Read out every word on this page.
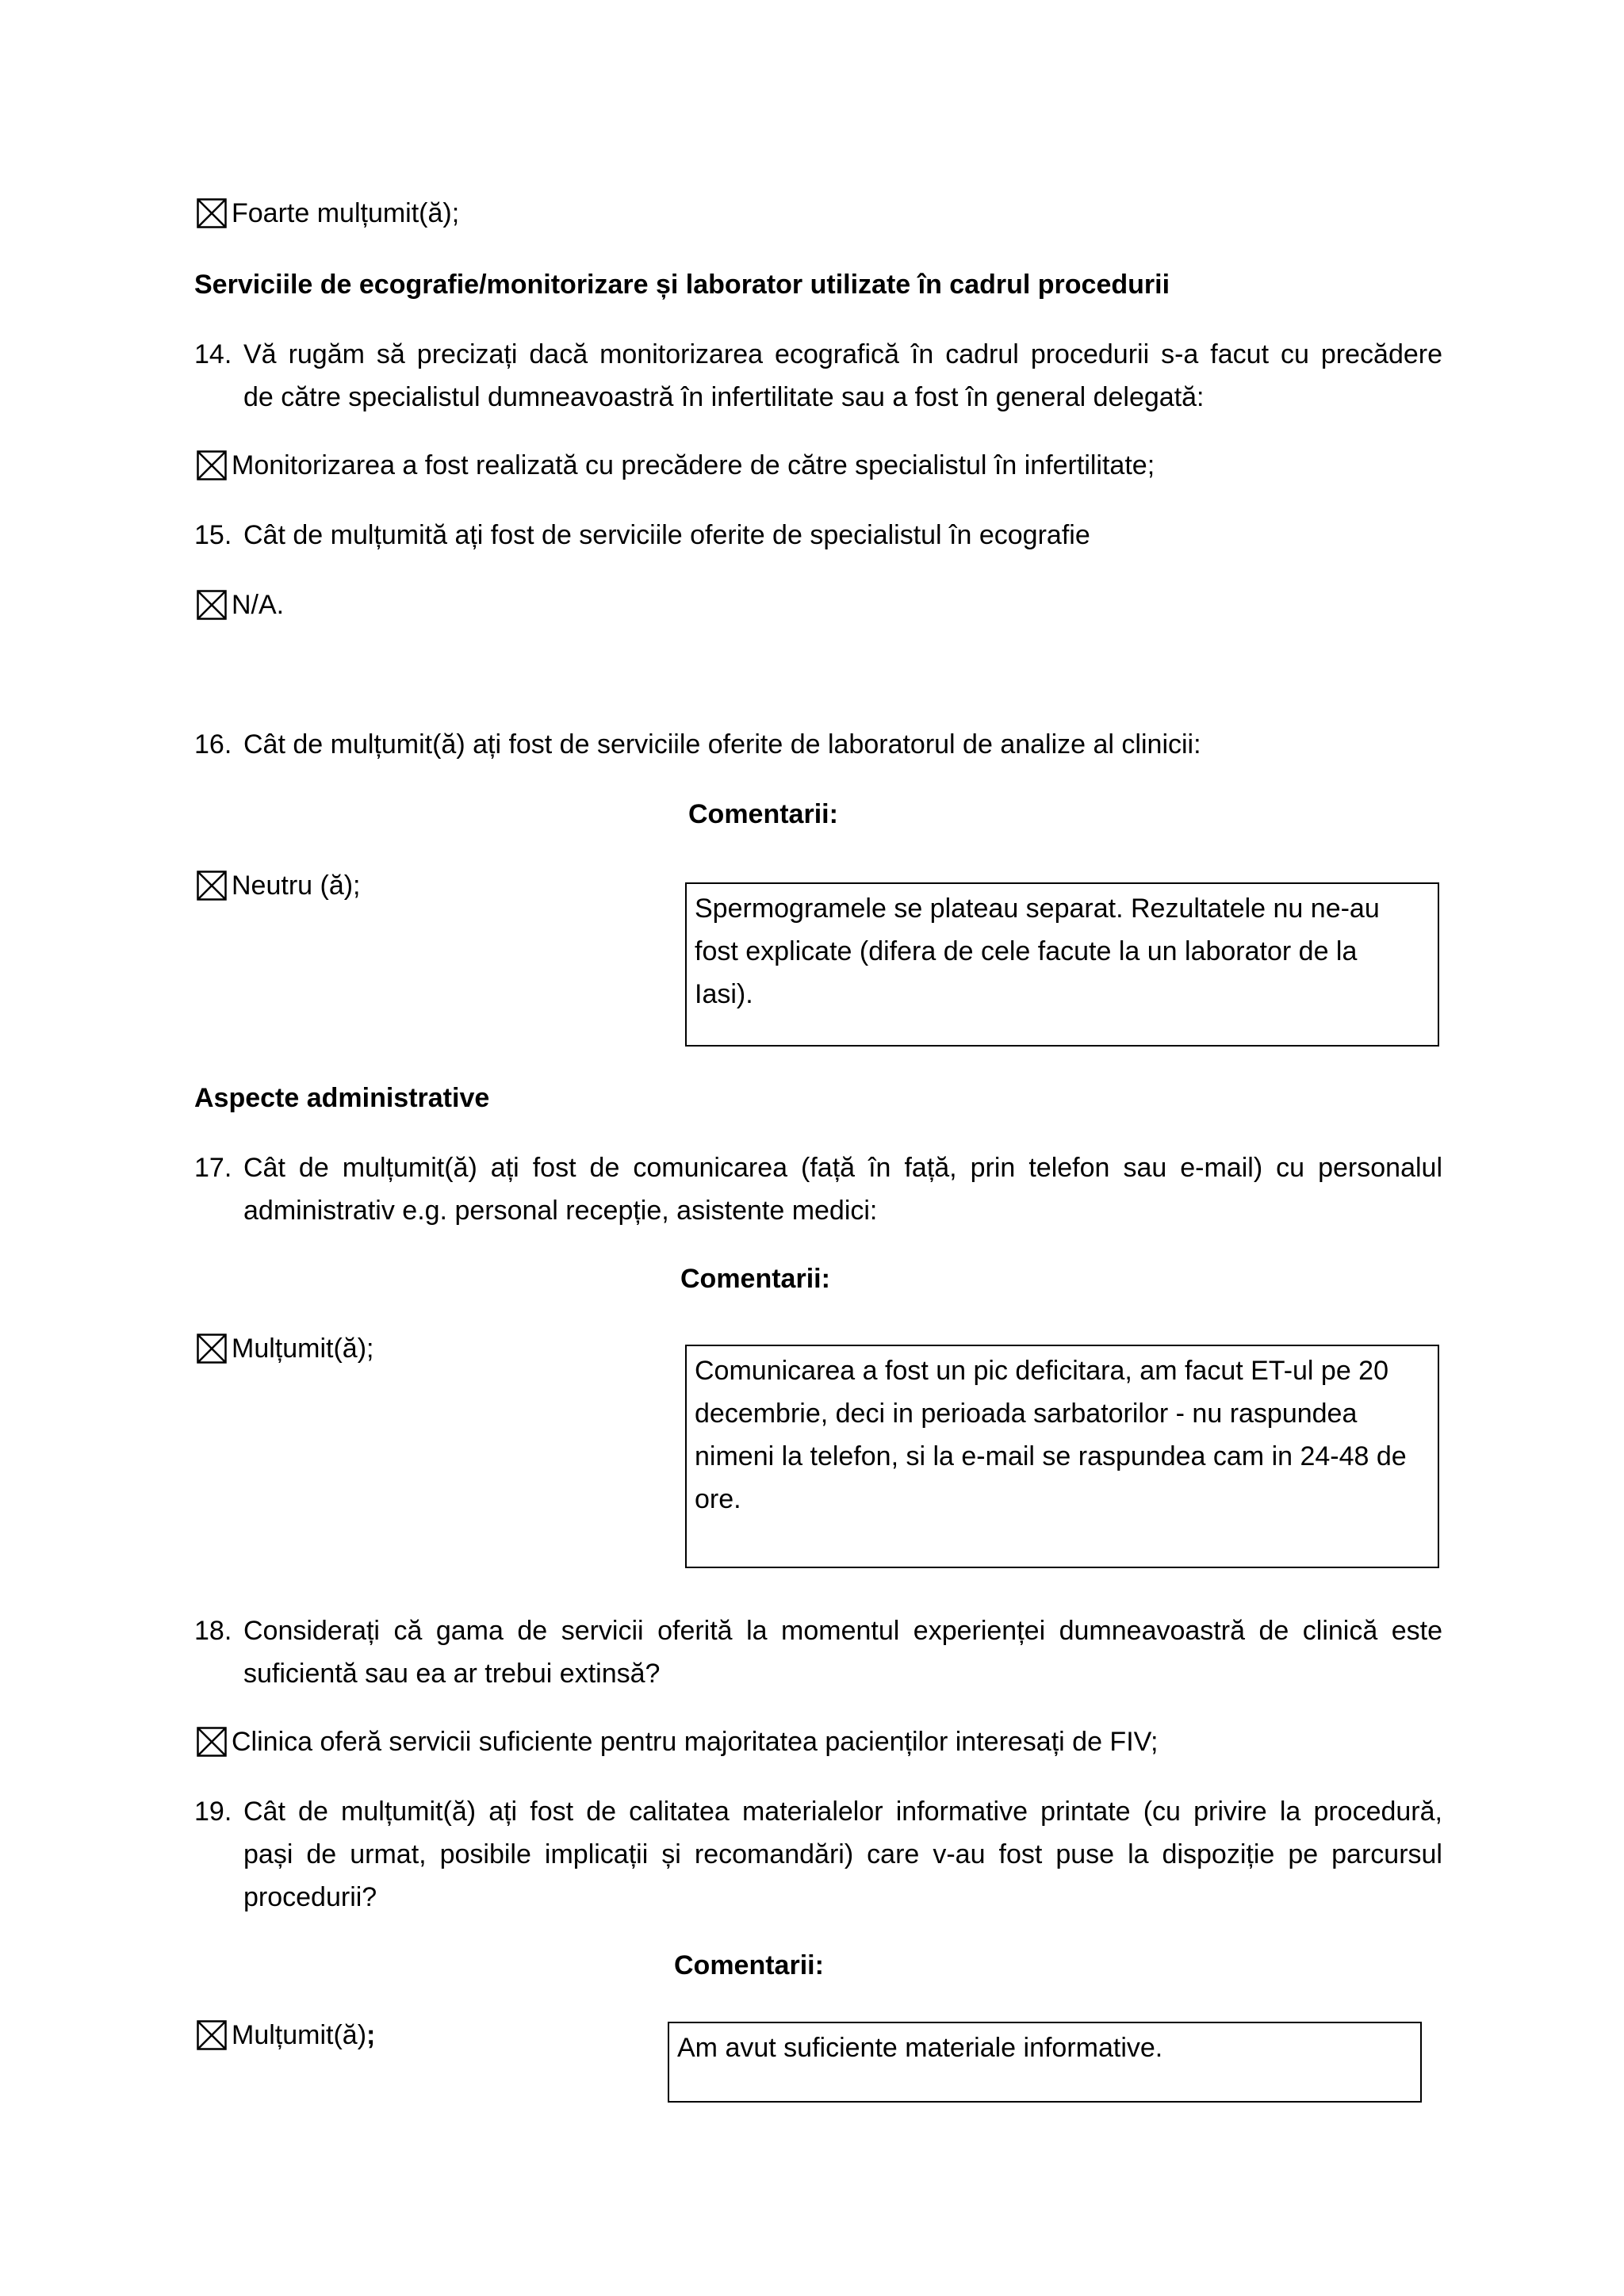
Foarte mulțumit(ă);
Serviciile de ecografie/monitorizare și laborator utilizate în cadrul procedurii
14. Vă rugăm să precizați dacă monitorizarea ecografică în cadrul procedurii s-a facut cu precădere
de către specialistul dumneavoastră în infertilitate sau a fost în general delegată:
Monitorizarea a fost realizată cu precădere de către specialistul în infertilitate;
15. Cât de mulțumită ați fost de serviciile oferite de specialistul în ecografie
N/A.
16. Cât de mulțumit(ă) ați fost de serviciile oferite de laboratorul de analize al clinicii:
Comentarii:
Neutru (ă);
Spermogramele se plateau separat. Rezultatele nu ne-au
fost explicate (difera de cele facute la un laborator de la
Iasi).
Aspecte administrative
17. Cât de mulțumit(ă) ați fost de comunicarea (față în față, prin telefon sau e-mail) cu personalul
administrativ e.g. personal recepție, asistente medici:
Comentarii:
Mulțumit(ă);
Comunicarea a fost un pic deficitara, am facut ET-ul pe 20
decembrie, deci in perioada sarbatorilor - nu raspundea
nimeni la telefon, si la e-mail se raspundea cam in 24-48 de
ore.
18. Considerați că gama de servicii oferită la momentul experienței dumneavoastră de clinică este
suficientă sau ea ar trebui extinsă?
Clinica oferă servicii suficiente pentru majoritatea pacienților interesați de FIV;
19. Cât de mulțumit(ă) ați fost de calitatea materialelor informative printate (cu privire la procedură,
pași de urmat, posibile implicații și recomandări) care v-au fost puse la dispoziție pe parcursul
procedurii?
Comentarii:
Mulțumit(ă);	Am avut suficiente materiale informative.
